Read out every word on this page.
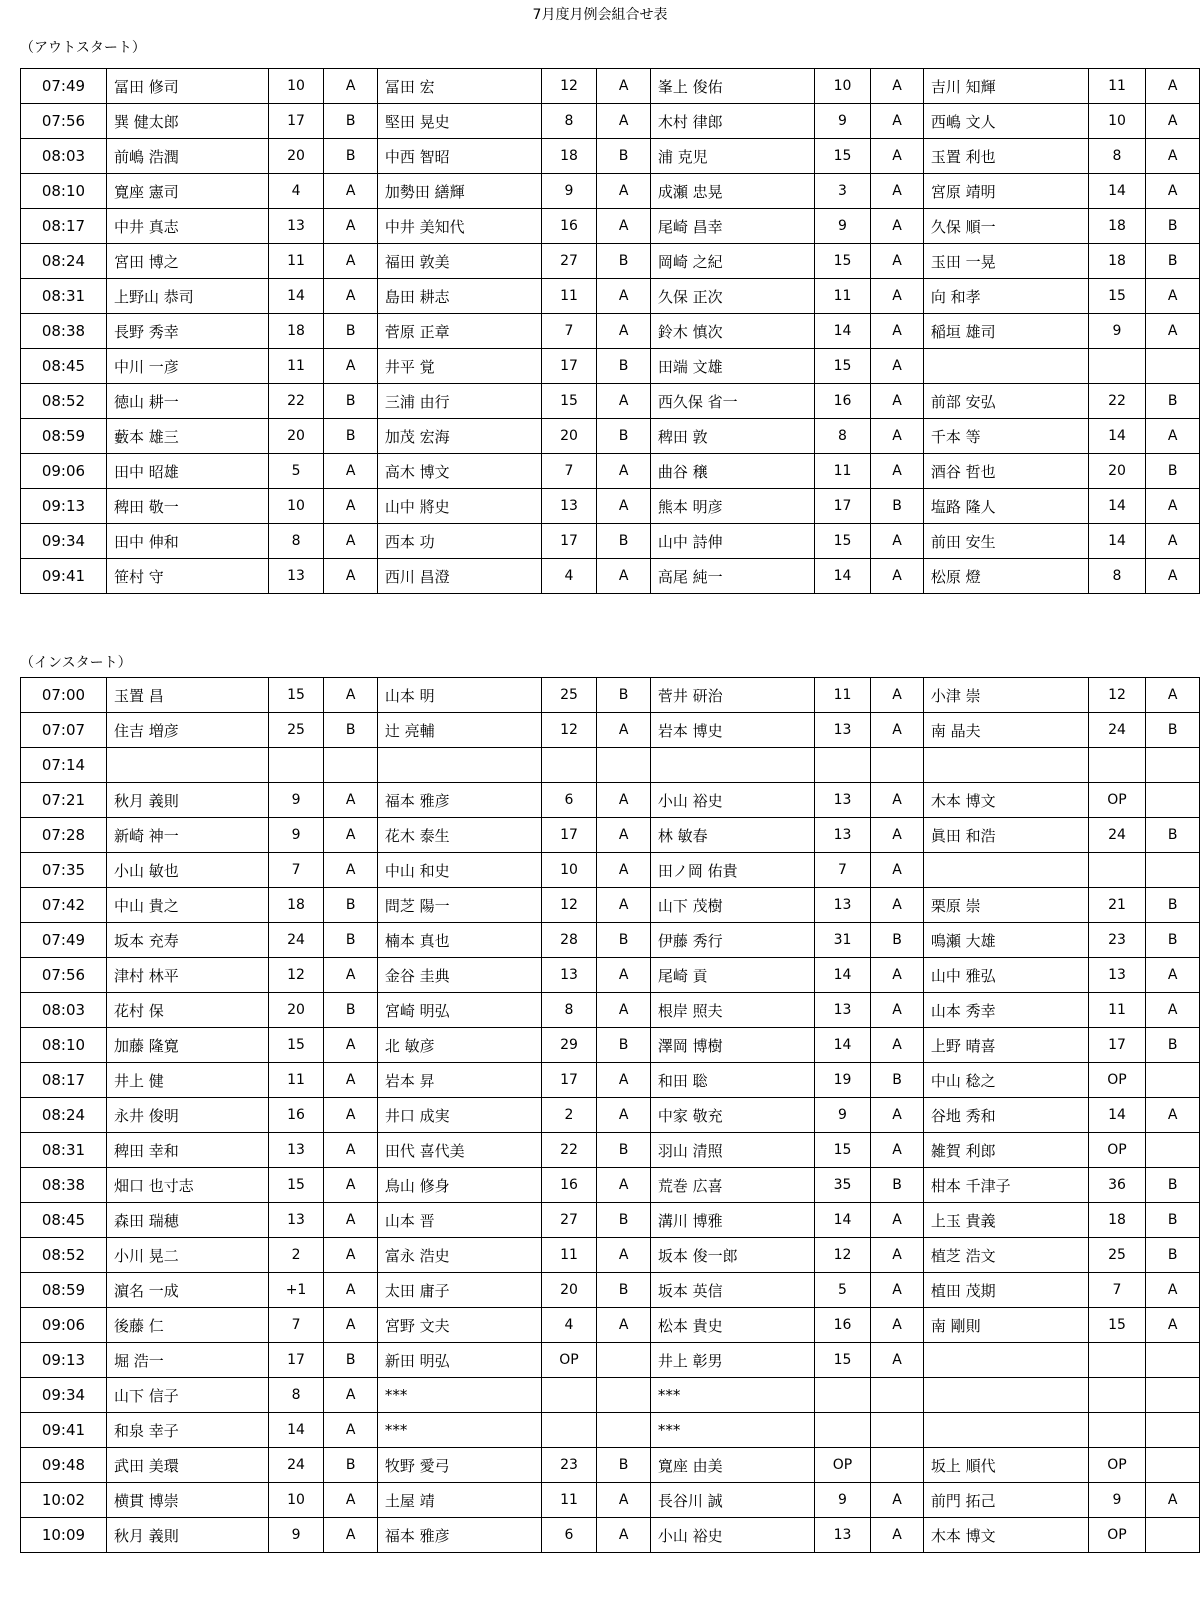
7月度月例会組合せ表
（アウトスタート）
07:49	冨田 修司	10	A	冨田 宏	12	A	峯上 俊佑	10	A	吉川 知輝	11	A
07:56	巽 健太郎	17	B	堅田 晃史	8	A	木村 律郎	9	A	西嶋 文人	10	A
08:03	前嶋 浩潤	20	B	中西 智昭	18	B	浦 克児	15	A	玉置 利也	8	A
08:10	寛座 憲司	4	A	加勢田 繕輝	9	A	成瀬 忠晃	3	A	宮原 靖明	14	A
08:17	中井 真志	13	A	中井 美知代	16	A	尾崎 昌幸	9	A	久保 順一	18	B
08:24	宮田 博之	11	A	福田 敦美	27	B	岡崎 之紀	15	A	玉田 一晃	18	B
08:31	上野山 恭司	14	A	島田 耕志	11	A	久保 正次	11	A	向 和孝	15	A
08:38	長野 秀幸	18	B	菅原 正章	7	A	鈴木 慎次	14	A	稲垣 雄司	9	A
08:45	中川 一彦	11	A	井平 覚	17	B	田端 文雄	15	A			
08:52	徳山 耕一	22	B	三浦 由行	15	A	西久保 省一	16	A	前部 安弘	22	B
08:59	藪本 雄三	20	B	加茂 宏海	20	B	稗田 敦	8	A	千本 等	14	A
09:06	田中 昭雄	5	A	高木 博文	7	A	曲谷 穣	11	A	酒谷 哲也	20	B
09:13	稗田 敬一	10	A	山中 將史	13	A	熊本 明彦	17	B	塩路 隆人	14	A
09:34	田中 伸和	8	A	西本 功	17	B	山中 詩伸	15	A	前田 安生	14	A
09:41	笹村 守	13	A	西川 昌澄	4	A	高尾 純一	14	A	松原 燈	8	A
（インスタート）
07:00	玉置 昌	15	A	山本 明	25	B	菅井 研治	11	A	小津 崇	12	A
07:07	住吉 増彦	25	B	辻 亮輔	12	A	岩本 博史	13	A	南 晶夫	24	B
07:14												
07:21	秋月 義則	9	A	福本 雅彦	6	A	小山 裕史	13	A	木本 博文	OP	
07:28	新崎 神一	9	A	花木 泰生	17	A	林 敏春	13	A	眞田 和浩	24	B
07:35	小山 敏也	7	A	中山 和史	10	A	田ノ岡 佑貴	7	A			
07:42	中山 貴之	18	B	問芝 陽一	12	A	山下 茂樹	13	A	栗原 崇	21	B
07:49	坂本 充寿	24	B	楠本 真也	28	B	伊藤 秀行	31	B	鳴瀬 大雄	23	B
07:56	津村 林平	12	A	金谷 圭典	13	A	尾崎 貢	14	A	山中 雅弘	13	A
08:03	花村 保	20	B	宮崎 明弘	8	A	根岸 照夫	13	A	山本 秀幸	11	A
08:10	加藤 隆寛	15	A	北 敏彦	29	B	澤岡 博樹	14	A	上野 晴喜	17	B
08:17	井上 健	11	A	岩本 昇	17	A	和田 聡	19	B	中山 稔之	OP	
08:24	永井 俊明	16	A	井口 成実	2	A	中家 敬充	9	A	谷地 秀和	14	A
08:31	稗田 幸和	13	A	田代 喜代美	22	B	羽山 清照	15	A	雑賀 利郎	OP	
08:38	畑口 也寸志	15	A	鳥山 修身	16	A	荒巻 広喜	35	B	柑本 千津子	36	B
08:45	森田 瑞穂	13	A	山本 晋	27	B	溝川 博雅	14	A	上玉 貴義	18	B
08:52	小川 晃二	2	A	富永 浩史	11	A	坂本 俊一郎	12	A	植芝 浩文	25	B
08:59	濵名 一成	+1	A	太田 庸子	20	B	坂本 英信	5	A	植田 茂期	7	A
09:06	後藤 仁	7	A	宮野 文夫	4	A	松本 貴史	16	A	南 剛則	15	A
09:13	堀 浩一	17	B	新田 明弘	OP		井上 彰男	15	A			
09:34	山下 信子	8	A	***			***					
09:41	和泉 幸子	14	A	***			***					
09:48	武田 美環	24	B	牧野 愛弓	23	B	寛座 由美	OP		坂上 順代	OP	
10:02	横貫 博崇	10	A	土屋 靖	11	A	長谷川 誠	9	A	前門 拓己	9	A
10:09	秋月 義則	9	A	福本 雅彦	6	A	小山 裕史	13	A	木本 博文	OP	
